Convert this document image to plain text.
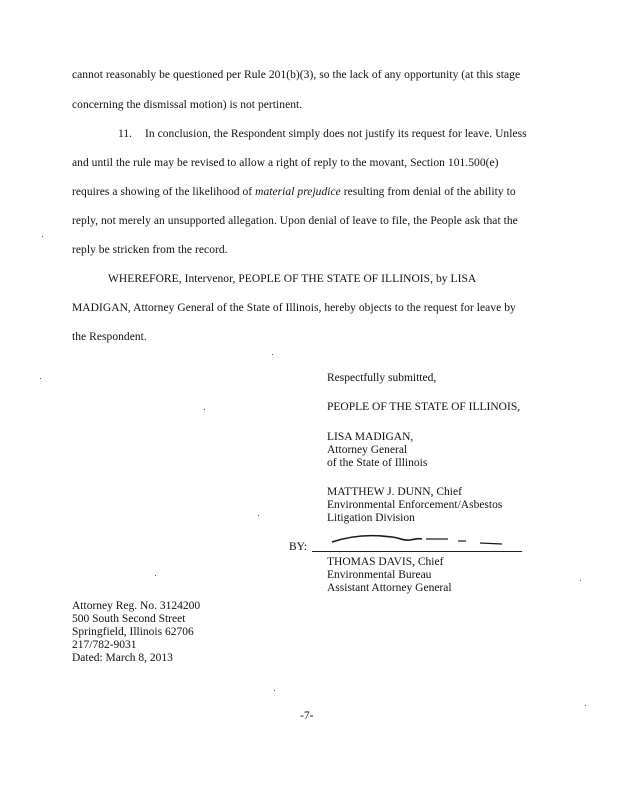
cannot reasonably be questioned per Rule 201(b)(3), so the lack of any opportunity (at this stage
concerning the dismissal motion) is not pertinent.
11. In conclusion, the Respondent simply does not justify its request for leave. Unless
and until the rule may be revised to allow a right of reply to the movant, Section 101.500(e)
requires a showing of the likelihood of material prejudice resulting from denial of the ability to
reply, not merely an unsupported allegation. Upon denial of leave to file, the People ask that the
reply be stricken from the record.
WHEREFORE, Intervenor, PEOPLE OF THE STATE OF ILLINOIS, by LISA
MADIGAN, Attorney General of the State of Illinois, hereby objects to the request for leave by
the Respondent.
Respectfully submitted,
PEOPLE OF THE STATE OF ILLINOIS,
LISA MADIGAN,
Attorney General
of the State of Illinois
MATTHEW J. DUNN, Chief
Environmental Enforcement/Asbestos
Litigation Division
BY:
THOMAS DAVIS, Chief
Environmental Bureau
Assistant Attorney General
Attorney Reg. No. 3124200
500 South Second Street
Springfield, Illinois 62706
217/782-9031
Dated: March 8, 2013
-7-
